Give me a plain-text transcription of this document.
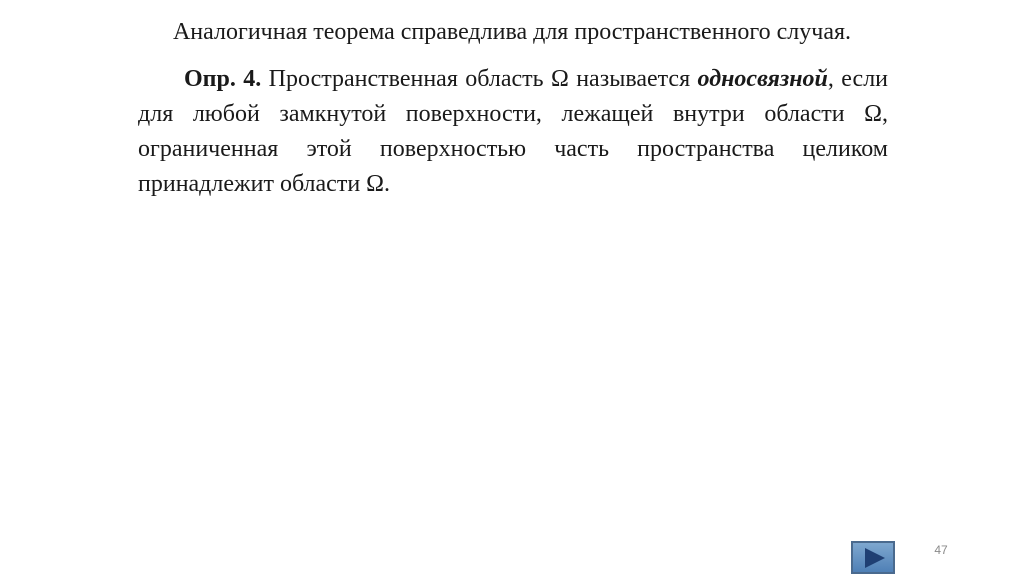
Аналогичная теорема справедлива для пространственного случая.
Опр. 4. Пространственная область Ω называется односвязной, если для любой замкнутой поверхности, лежащей внутри области Ω, ограниченная этой поверхностью часть пространства целиком принадлежит области Ω.
47
